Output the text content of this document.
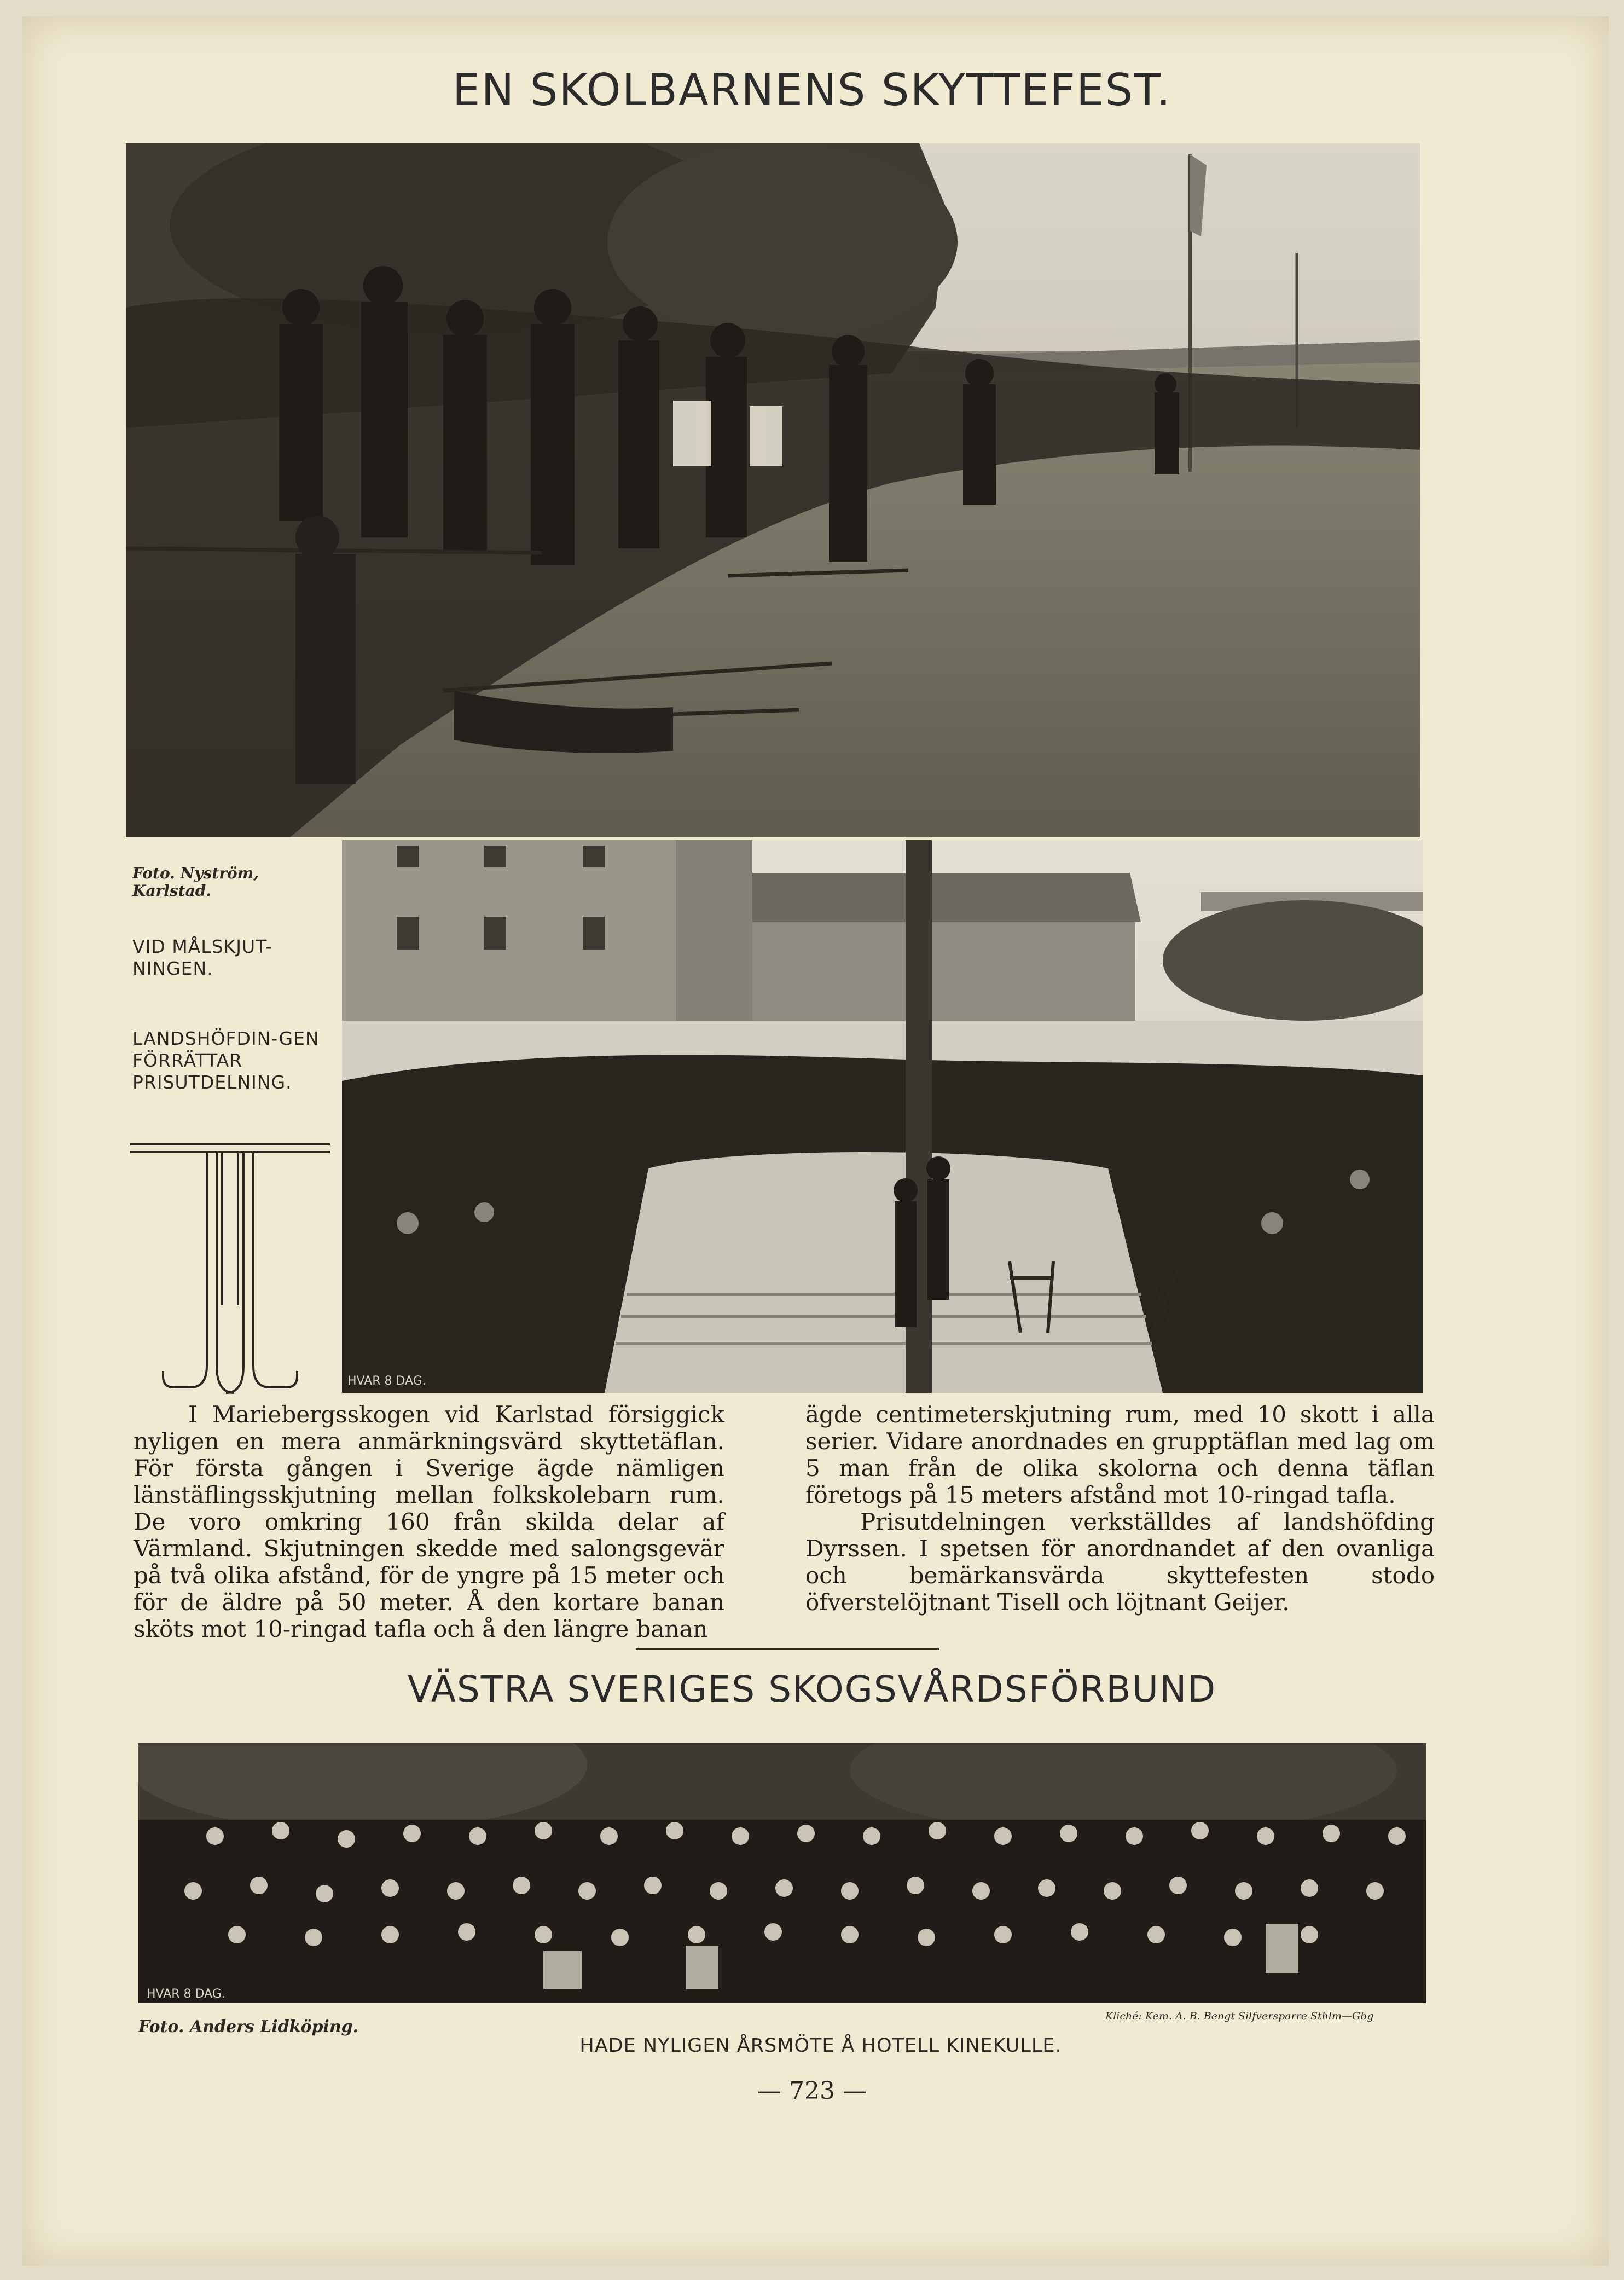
EN SKOLBARNENS SKYTTEFEST.
Foto. Nyström, Karlstad.
VID MÅLSKJUT-NINGEN.
LANDSHÖFDIN-GEN FÖRRÄTTAR PRISUTDELNING.
HVAR 8 DAG.

I Mariebergsskogen vid Karlstad försiggick nyligen en mera anmärkningsvärd skyttetäflan. För första gången i Sverige ägde nämligen länstäflingsskjutning mellan folkskolebarn rum. De voro omkring 160 från skilda delar af Värmland. Skjutningen skedde med salongsgevär på två olika afstånd, för de yngre på 15 meter och för de äldre på 50 meter. Å den kortare banan sköts mot 10-ringad tafla och å den längre banan

ägde centimeterskjutning rum, med 10 skott i alla serier. Vidare anordnades en grupptäflan med lag om 5 man från de olika skolorna och denna täflan företogs på 15 meters afstånd mot 10-ringad tafla.

Prisutdelningen verkställdes af landshöfding Dyrssen. I spetsen för anordnandet af den ovanliga och bemärkansvärda skyttefesten stodo öfverstelöjtnant Tisell och löjtnant Geijer.

VÄSTRA SVERIGES SKOGSVÅRDSFÖRBUND
HVAR 8 DAG.
Foto. Anders Lidköping.
Kliché: Kem. A. B. Bengt Silfversparre Sthlm—Gbg
HADE NYLIGEN ÅRSMÖTE Å HOTELL KINEKULLE.
— 723 —
